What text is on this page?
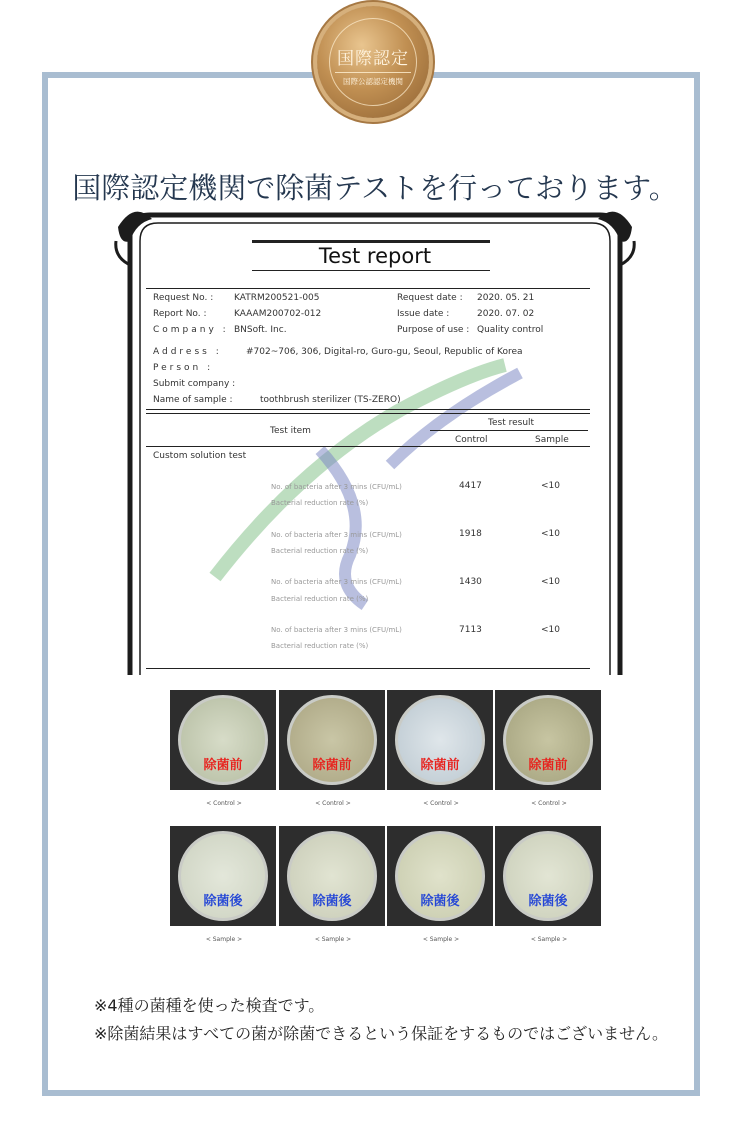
国際認定
国際公認認定機関
国際認定機関で除菌テストを行っております。
Test report
Request No. : KATRM200521-005
Report No. :	KAAAM200702-012
Company : BNSoft. Inc.
Request date : 2020. 05. 21
Issue date :	2020. 07. 02
Purpose of use : Quality control
Address :	#702~706, 306, Digital-ro, Guro-gu, Seoul, Republic of Korea
Person :
Submit company :
Name of sample :	toothbrush sterilizer (TS-ZERO)
Test item
Test result
Control	Sample
Custom solution test
No. of bacteria after 3 mins (CFU/mL)
Bacterial reduction rate (%)
4417	<10
No. of bacteria after 3 mins (CFU/mL)
Bacterial reduction rate (%)
1918	<10
No. of bacteria after 3 mins (CFU/mL)
Bacterial reduction rate (%)
1430	<10
No. of bacteria after 3 mins (CFU/mL)
Bacterial reduction rate (%)
7113	<10
除菌前	除菌前	除菌前	除菌前
< Control >	< Control >	< Control >	< Control >
除菌後	除菌後	除菌後	除菌後
< Sample >	< Sample >	< Sample >	< Sample >
※4種の菌種を使った検査です。
※除菌結果はすべての菌が除菌できるという保証をするものではございません。
